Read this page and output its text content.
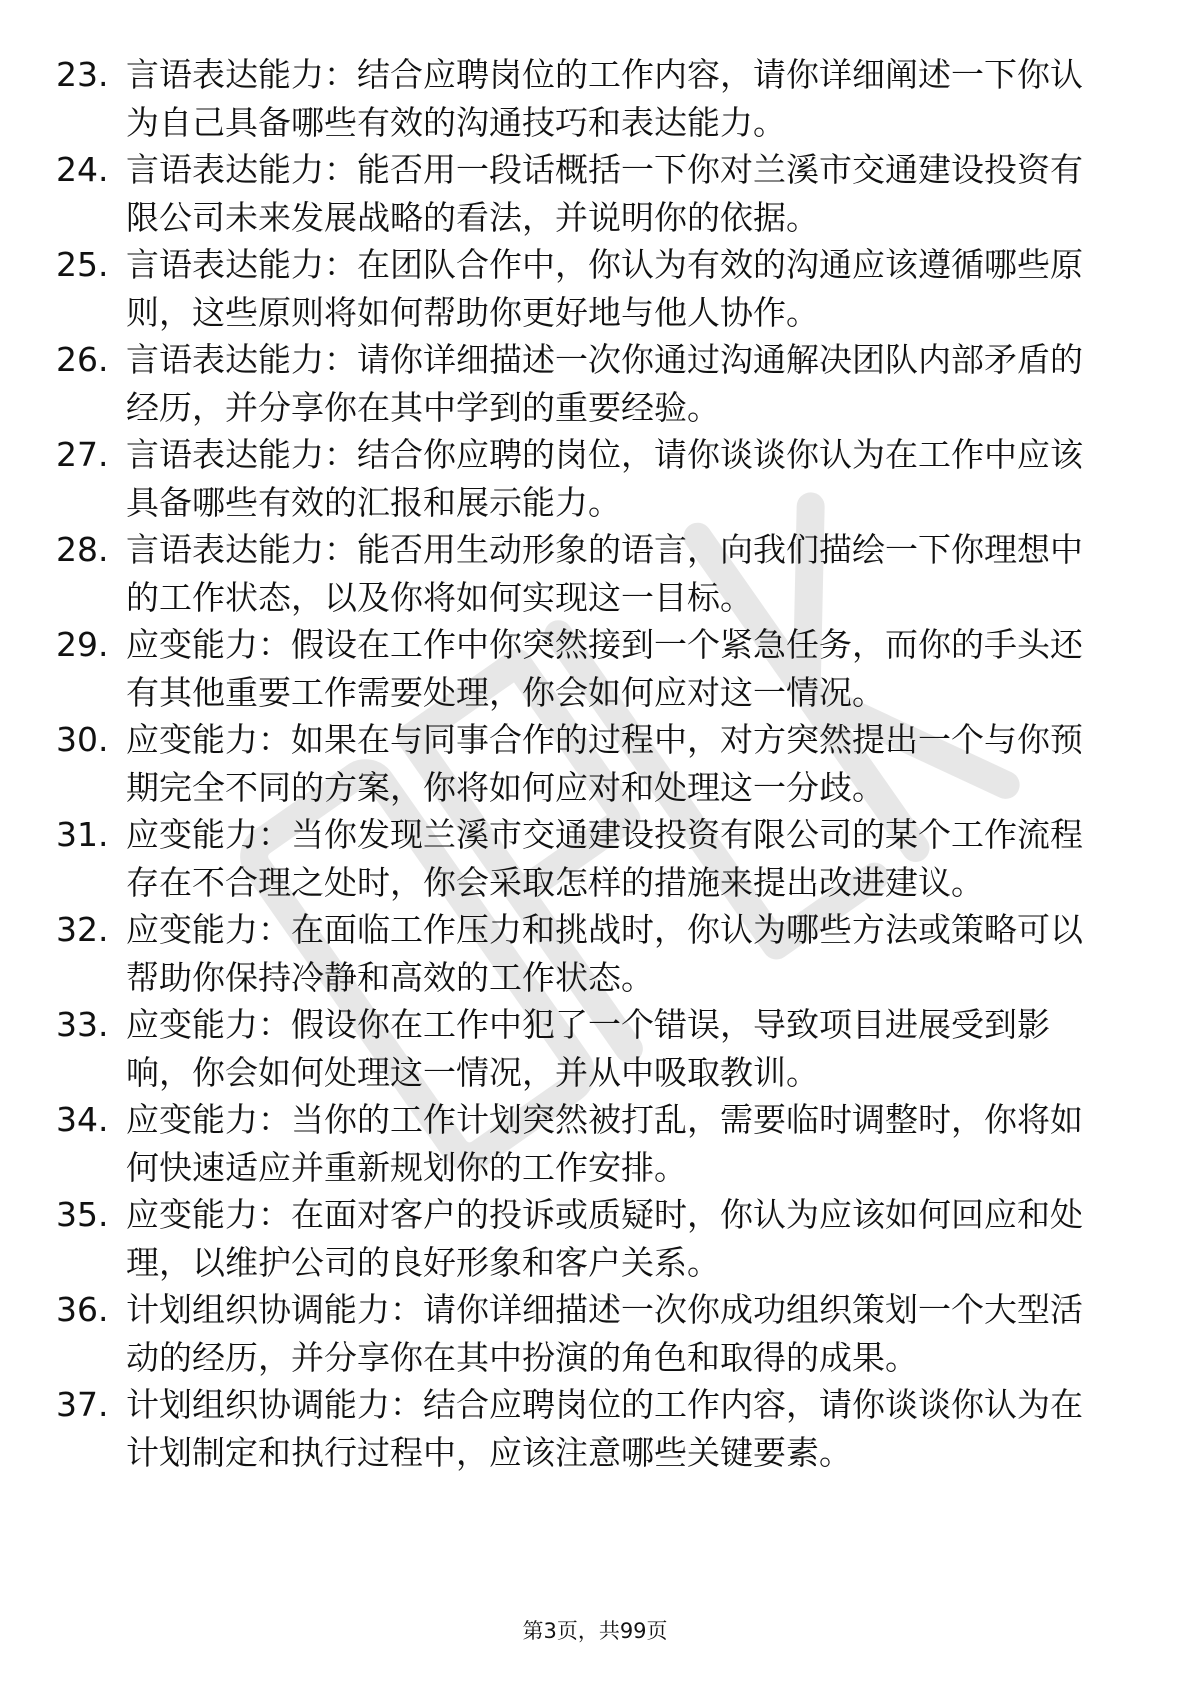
23. 言语表达能力：结合应聘岗位的工作内容，请你详细阐述一下你认为自己具备哪些有效的沟通技巧和表达能力。
24. 言语表达能力：能否用一段话概括一下你对兰溪市交通建设投资有限公司未来发展战略的看法，并说明你的依据。
25. 言语表达能力：在团队合作中，你认为有效的沟通应该遵循哪些原则，这些原则将如何帮助你更好地与他人协作。
26. 言语表达能力：请你详细描述一次你通过沟通解决团队内部矛盾的经历，并分享你在其中学到的重要经验。
27. 言语表达能力：结合你应聘的岗位，请你谈谈你认为在工作中应该具备哪些有效的汇报和展示能力。
28. 言语表达能力：能否用生动形象的语言，向我们描绘一下你理想中的工作状态，以及你将如何实现这一目标。
29. 应变能力：假设在工作中你突然接到一个紧急任务，而你的手头还有其他重要工作需要处理，你会如何应对这一情况。
30. 应变能力：如果在与同事合作的过程中，对方突然提出一个与你预期完全不同的方案，你将如何应对和处理这一分歧。
31. 应变能力：当你发现兰溪市交通建设投资有限公司的某个工作流程存在不合理之处时，你会采取怎样的措施来提出改进建议。
32. 应变能力：在面临工作压力和挑战时，你认为哪些方法或策略可以帮助你保持冷静和高效的工作状态。
33. 应变能力：假设你在工作中犯了一个错误，导致项目进展受到影响，你会如何处理这一情况，并从中吸取教训。
34. 应变能力：当你的工作计划突然被打乱，需要临时调整时，你将如何快速适应并重新规划你的工作安排。
35. 应变能力：在面对客户的投诉或质疑时，你认为应该如何回应和处理，以维护公司的良好形象和客户关系。
36. 计划组织协调能力：请你详细描述一次你成功组织策划一个大型活动的经历，并分享你在其中扮演的角色和取得的成果。
37. 计划组织协调能力：结合应聘岗位的工作内容，请你谈谈你认为在计划制定和执行过程中，应该注意哪些关键要素。
第3页，共99页
